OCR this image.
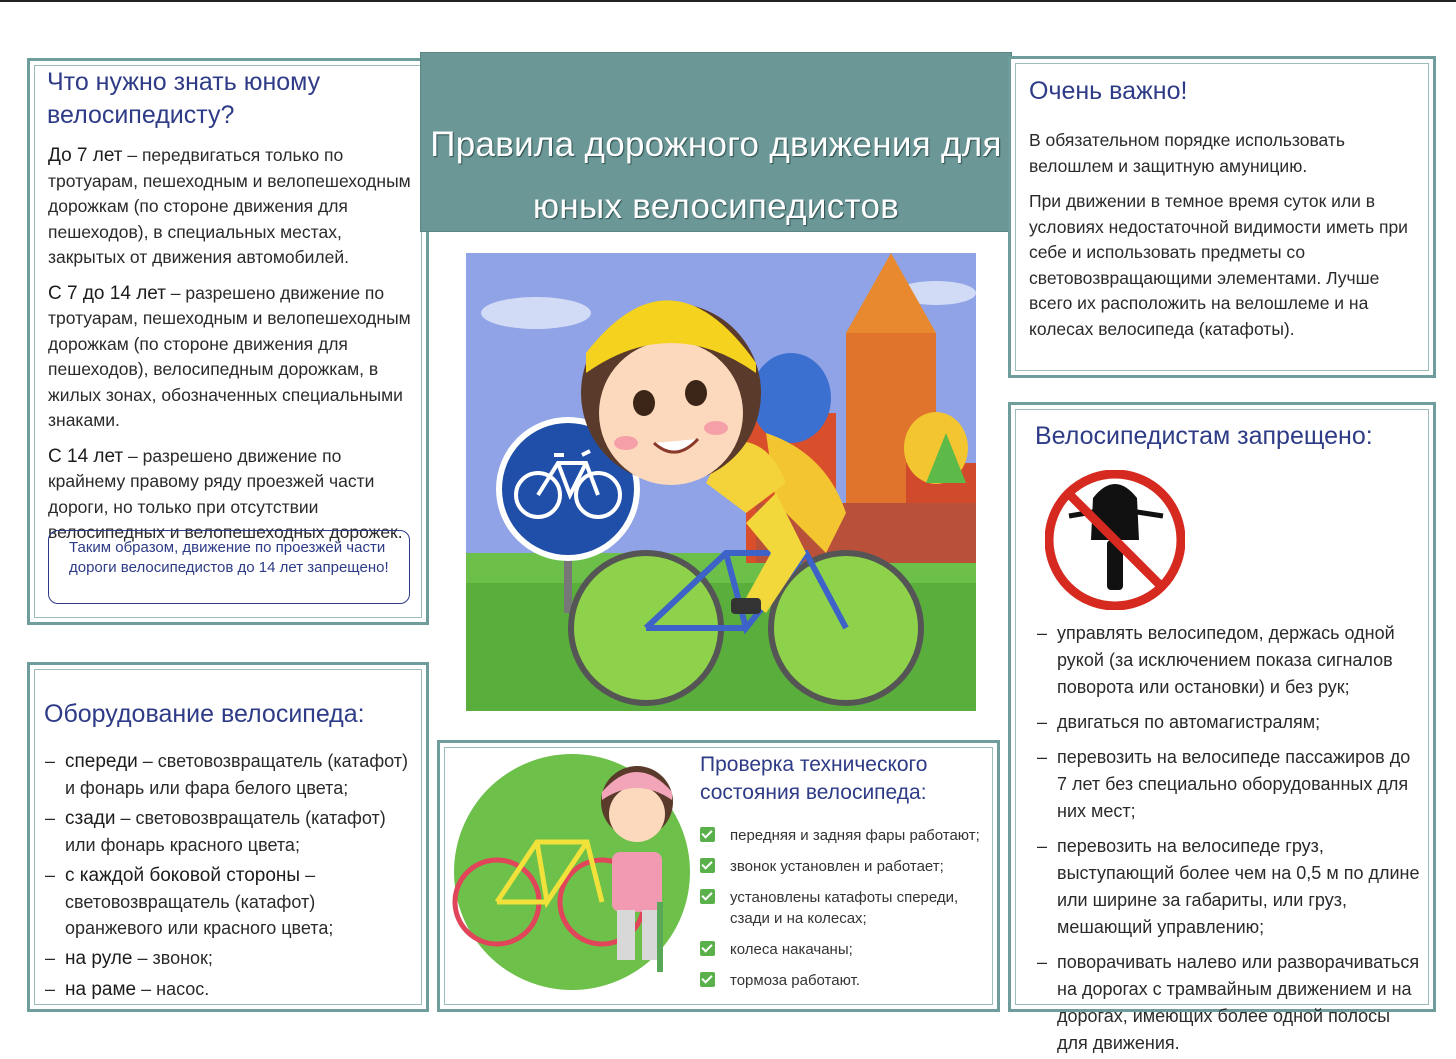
Что нужно знать юному
велосипедисту?

До 7 лет – передвигаться только по тротуарам, пешеходным и велопешеходным дорожкам (по стороне движения для пешеходов), в специальных местах, закрытых от движения автомобилей.

С 7 до 14 лет – разрешено движение по тротуарам, пешеходным и велопешеходным дорожкам (по стороне движения для пешеходов), велосипедным дорожкам, в жилых зонах, обозначенных специальными знаками.

С 14 лет – разрешено движение по крайнему правому ряду проезжей части дороги, но только при отсутствии велосипедных и велопешеходных дорожек.

Таким образом, движение по проезжей части дороги велосипедистов до 14 лет запрещено!

Правила дорожного движения для
юных велосипедистов
Очень важно!

В обязательном порядке использовать велошлем и защитную амуницию.

При движении в темное время суток или в условиях недостаточной видимости иметь при себе и использовать предметы со световозвращающими элементами. Лучше всего их расположить на велошлеме и на колесах велосипеда (катафоты).

Велосипедистам запрещено:
– управлять велосипедом, держась одной рукой (за исключением показа сигналов поворота или остановки) и без рук;
– двигаться по автомагистралям;
– перевозить на велосипеде пассажиров до 7 лет без специально оборудованных для них мест;
– перевозить на велосипеде груз, выступающий более чем на 0,5 м по длине или ширине за габариты, или груз, мешающий управлению;
– поворачивать налево или разворачиваться на дорогах с трамвайным движением и на дорогах, имеющих более одной полосы для движения.
Оборудование велосипеда:
– спереди – световозвращатель (катафот) и фонарь или фара белого цвета;
– сзади – световозвращатель (катафот) или фонарь красного цвета;
– с каждой боковой стороны – световозвращатель (катафот) оранжевого или красного цвета;
– на руле – звонок;
– на раме – насос.
Проверка технического
состояния велосипеда:
передняя и задняя фары работают;
звонок установлен и работает;
установлены катафоты спереди, сзади и на колесах;
колеса накачаны;
тормоза работают.
